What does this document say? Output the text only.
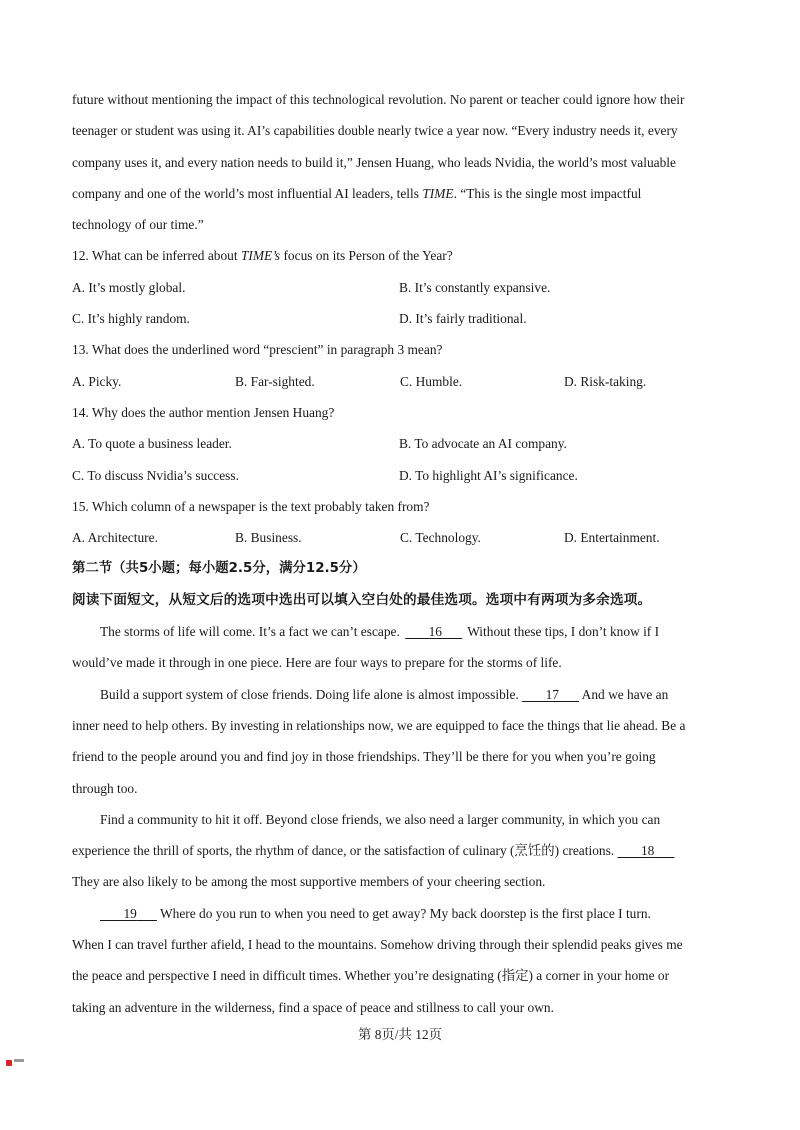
future without mentioning the impact of this technological revolution. No parent or teacher could ignore how their
teenager or student was using it. AI’s capabilities double nearly twice a year now. “Every industry needs it, every
company uses it, and every nation needs to build it,” Jensen Huang, who leads Nvidia, the world’s most valuable
company and one of the world’s most influential AI leaders, tells TIME. “This is the single most impactful
technology of our time.”
12. What can be inferred about TIME’s focus on its Person of the Year?
A. It’s mostly global.	B. It’s constantly expansive.
C. It’s highly random.	D. It’s fairly traditional.
13. What does the underlined word “prescient” in paragraph 3 mean?
A. Picky.	B. Far-sighted.	C. Humble.	D. Risk-taking.
14. Why does the author mention Jensen Huang?
A. To quote a business leader.	B. To advocate an AI company.
C. To discuss Nvidia’s success.	D. To highlight AI’s significance.
15. Which column of a newspaper is the text probably taken from?
A. Architecture.	B. Business.	C. Technology.	D. Entertainment.
第二节（共5小题；每小题2.5分，满分12.5分）
阅读下面短文，从短文后的选项中选出可以填入空白处的最佳选项。选项中有两项为多余选项。
The storms of life will come. It’s a fact we can’t escape. 16 Without these tips, I don’t know if I
would’ve made it through in one piece. Here are four ways to prepare for the storms of life.
Build a support system of close friends. Doing life alone is almost impossible. 17 And we have an
inner need to help others. By investing in relationships now, we are equipped to face the things that lie ahead. Be a
friend to the people around you and find joy in those friendships. They’ll be there for you when you’re going
through too.
Find a community to hit it off. Beyond close friends, we also need a larger community, in which you can
experience the thrill of sports, the rhythm of dance, or the satisfaction of culinary (烹饪的) creations. 18
They are also likely to be among the most supportive members of your cheering section.
19 Where do you run to when you need to get away? My back doorstep is the first place I turn.
When I can travel further afield, I head to the mountains. Somehow driving through their splendid peaks gives me
the peace and perspective I need in difficult times. Whether you’re designating (指定) a corner in your home or
taking an adventure in the wilderness, find a space of peace and stillness to call your own.
第 8页/共 12页
